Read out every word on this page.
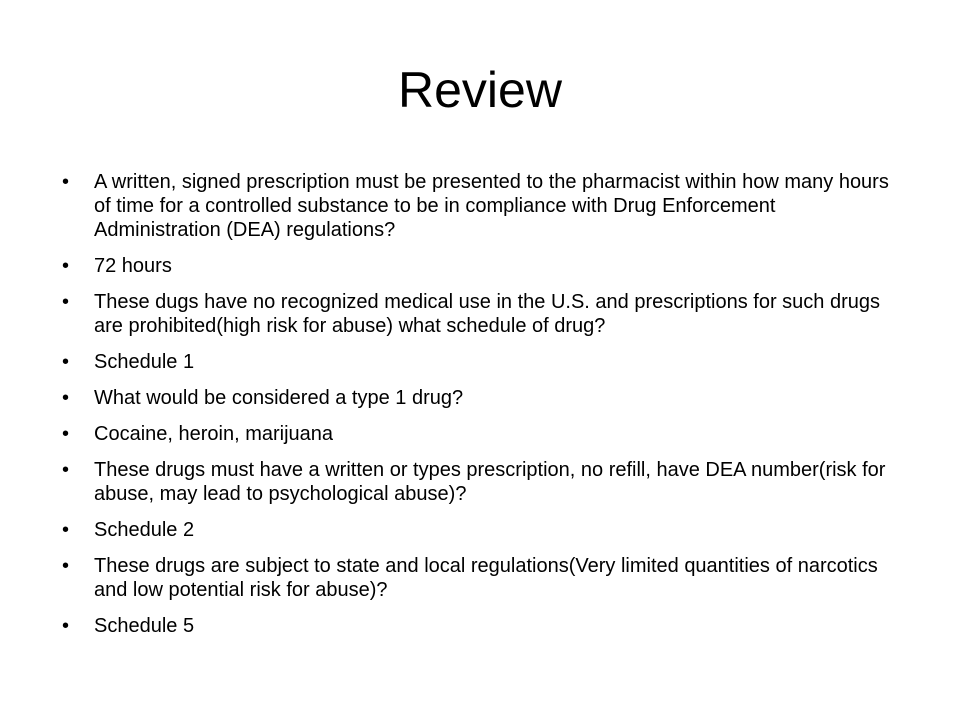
Review
•	A written, signed prescription must be presented to the pharmacist within how many hours of time for a controlled substance to be in compliance with Drug Enforcement Administration (DEA) regulations?
•	72 hours
•	These dugs have no recognized medical use in the U.S. and prescriptions for such drugs are prohibited(high risk for abuse) what schedule of drug?
•	Schedule 1
•	What would be considered a type 1 drug?
•	Cocaine, heroin, marijuana
•	These drugs must have a written or types prescription, no refill, have DEA number(risk for abuse, may lead to psychological abuse)?
•	Schedule 2
•	These drugs are subject to state and local regulations(Very limited quantities of narcotics and low potential risk for abuse)?
•	Schedule 5
